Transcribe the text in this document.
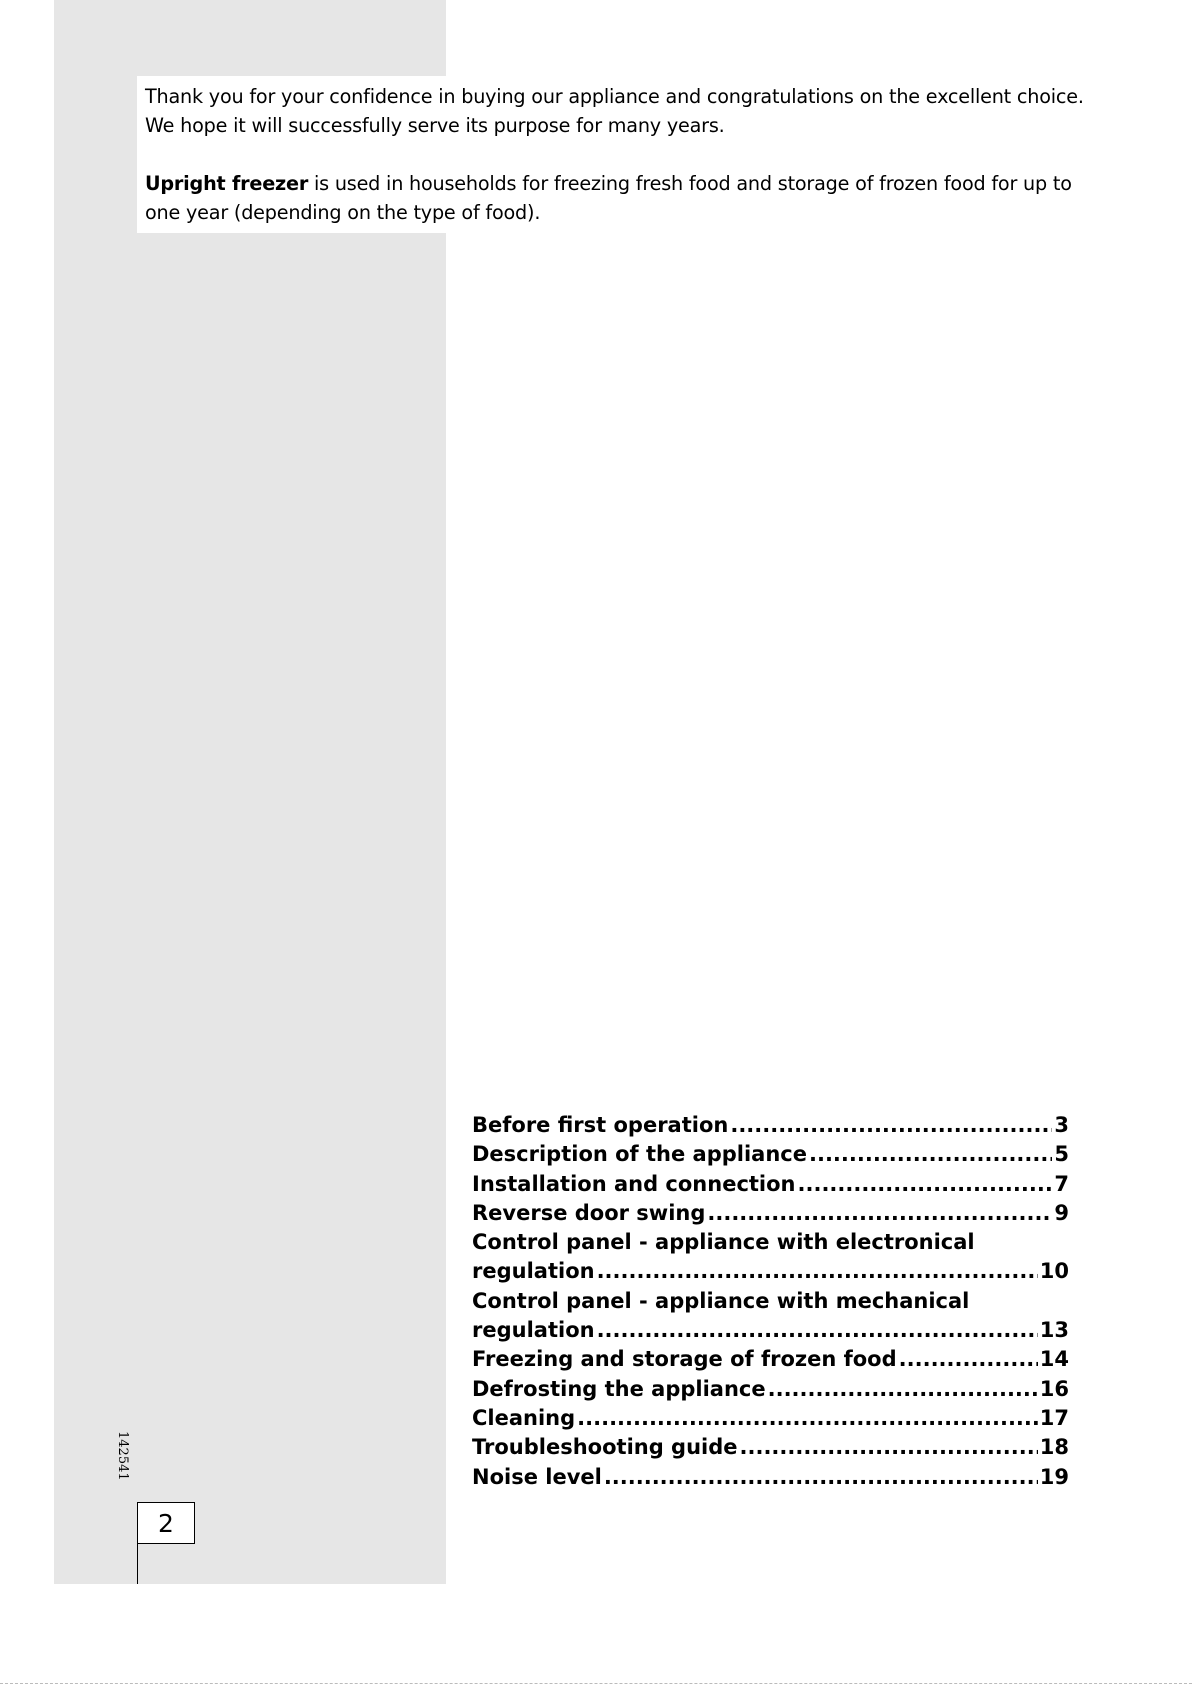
Thank you for your confidence in buying our appliance and congratulations on the excellent choice. We hope it will successfully serve its purpose for many years.

Upright freezer is used in households for freezing fresh food and storage of frozen food for up to one year (depending on the type of food).

Before first operation .....	3
Description of the appliance .....	5
Installation and connection .....	7
Reverse door swing .....	9
Control panel - appliance with electronical
regulation .....	10
Control panel - appliance with mechanical
regulation .....	13
Freezing and storage of frozen food .....	14
Defrosting the appliance .....	16
Cleaning .....	17
Troubleshooting guide .....	18
Noise level .....	19
142541
2
